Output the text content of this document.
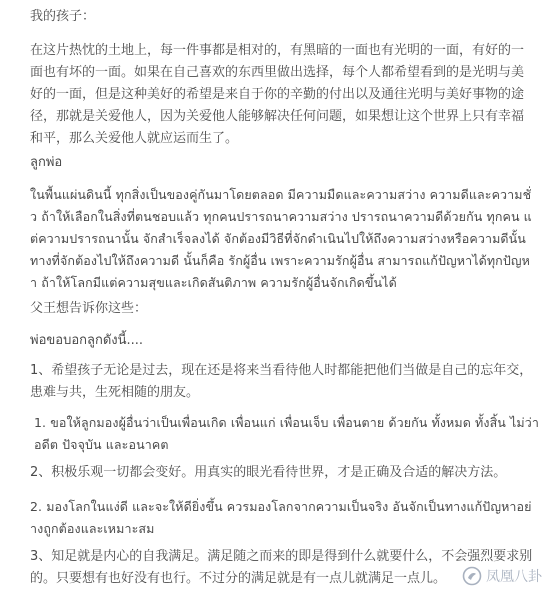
我的孩子：

在这片热忱的土地上，每一件事都是相对的，有黑暗的一面也有光明的一面，有好的一面也有坏的一面。如果在自己喜欢的东西里做出选择，每个人都希望看到的是光明与美好的一面，但是这种美好的希望是来自于你的辛勤的付出以及通往光明与美好事物的途径，那就是关爱他人，因为关爱他人能够解决任何问题，如果想让这个世界上只有幸福和平，那么关爱他人就应运而生了。

ลูกพ่อ

ในพื้นแผ่นดินนี้ ทุกสิ่งเป็นของคู่กันมาโดยตลอด มีความมืดและความสว่าง ความดีและความชั่ว ถ้าให้เลือกในสิ่งที่ตนชอบแล้ว ทุกคนปรารถนาความสว่าง ปรารถนาความดีด้วยกัน ทุกคน แต่ความปรารถนานั้น จักสำเร็จลงได้ จักต้องมีวิธีที่จักดำเนินไปให้ถึงความสว่างหรือความดีนั้น ทางที่จักต้องไปให้ถึงความดี นั้นก็คือ รักผู้อื่น เพราะความรักผู้อื่น สามารถแก้ปัญหาได้ทุกปัญหา ถ้าให้โลกมีแต่ความสุขและเกิดสันติภาพ ความรักผู้อื่นจักเกิดขึ้นได้

父王想告诉你这些：

พ่อขอบอกลูกดังนี้....

1、希望孩子无论是过去，现在还是将来当看待他人时都能把他们当做是自己的忘年交，患难与共，生死相随的朋友。

1. ขอให้ลูกมองผู้อื่นว่าเป็นเพื่อนเกิด เพื่อนแก่ เพื่อนเจ็บ เพื่อนตาย ด้วยกัน ทั้งหมด ทั้งสิ้น ไม่ว่าอดีต ปัจจุบัน และอนาคต

2、积极乐观一切都会变好。用真实的眼光看待世界，才是正确及合适的解决方法。

2. มองโลกในแง่ดี และจะให้ดียิ่งขึ้น ควรมองโลกจากความเป็นจริง อันจักเป็นทางแก้ปัญหาอย่างถูกต้องและเหมาะสม

3、知足就是内心的自我满足。满足随之而来的即是得到什么就要什么，不会强烈要求别的。只要想有也好没有也行。不过分的满足就是有一点儿就满足一点儿。	凤凰八卦
